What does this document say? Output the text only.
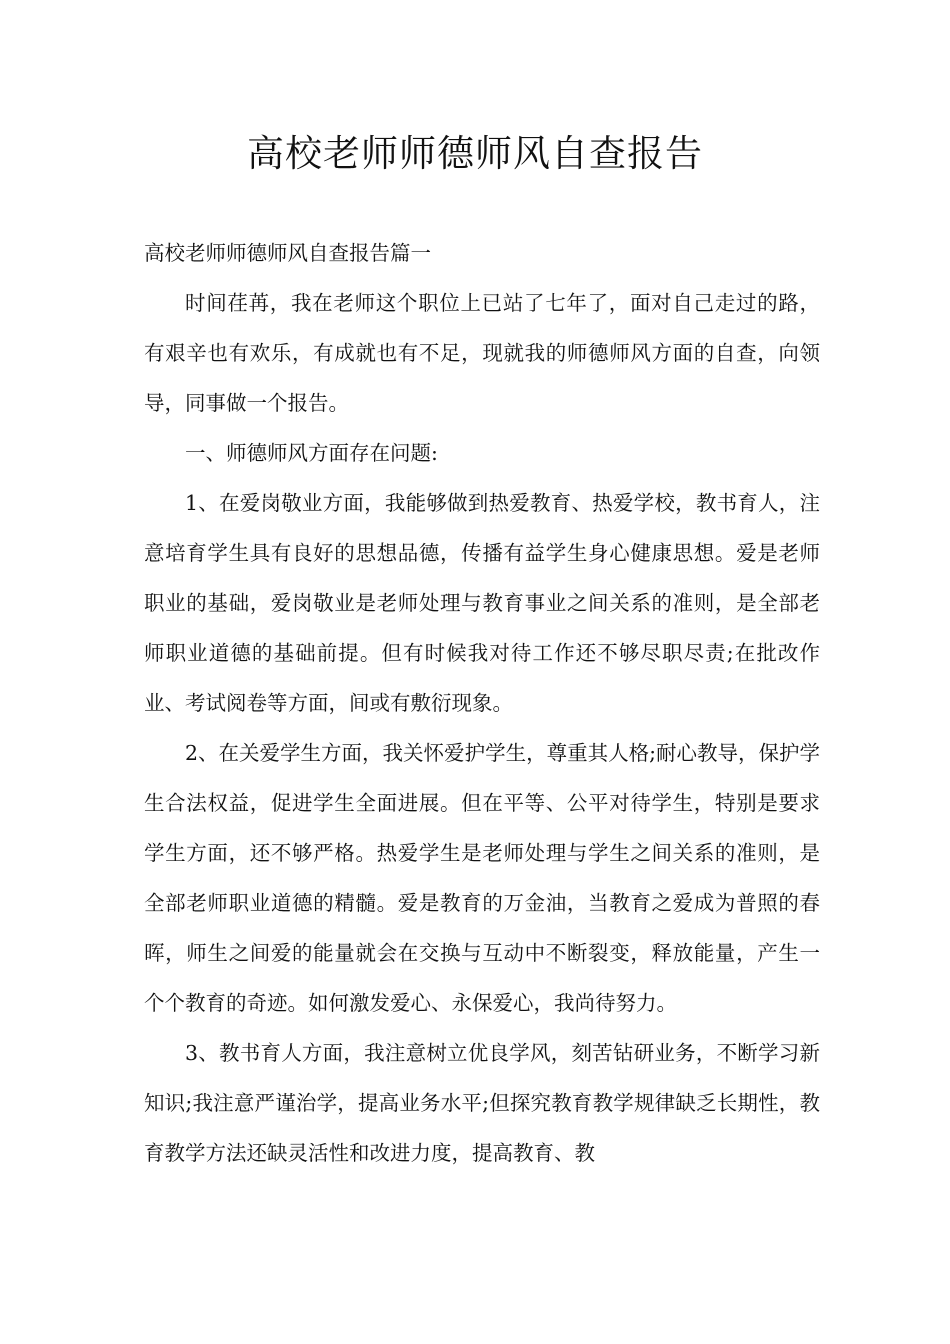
高校老师师德师风自查报告

高校老师师德师风自查报告篇一

时间荏苒，我在老师这个职位上已站了七年了，面对自己走过的路，有艰辛也有欢乐，有成就也有不足，现就我的师德师风方面的自查，向领导，同事做一个报告。

一、师德师风方面存在问题:

1、在爱岗敬业方面，我能够做到热爱教育、热爱学校，教书育人，注意培育学生具有良好的思想品德，传播有益学生身心健康思想。爱是老师职业的基础，爱岗敬业是老师处理与教育事业之间关系的准则，是全部老师职业道德的基础前提。但有时候我对待工作还不够尽职尽责;在批改作业、考试阅卷等方面，间或有敷衍现象。

2、在关爱学生方面，我关怀爱护学生，尊重其人格;耐心教导，保护学生合法权益，促进学生全面进展。但在平等、公平对待学生，特别是要求学生方面，还不够严格。热爱学生是老师处理与学生之间关系的准则，是全部老师职业道德的精髓。爱是教育的万金油，当教育之爱成为普照的春晖，师生之间爱的能量就会在交换与互动中不断裂变，释放能量，产生一个个教育的奇迹。如何激发爱心、永保爱心，我尚待努力。

3、教书育人方面，我注意树立优良学风，刻苦钻研业务，不断学习新知识;我注意严谨治学，提高业务水平;但探究教育教学规律缺乏长期性，教育教学方法还缺灵活性和改进力度，提高教育、教
